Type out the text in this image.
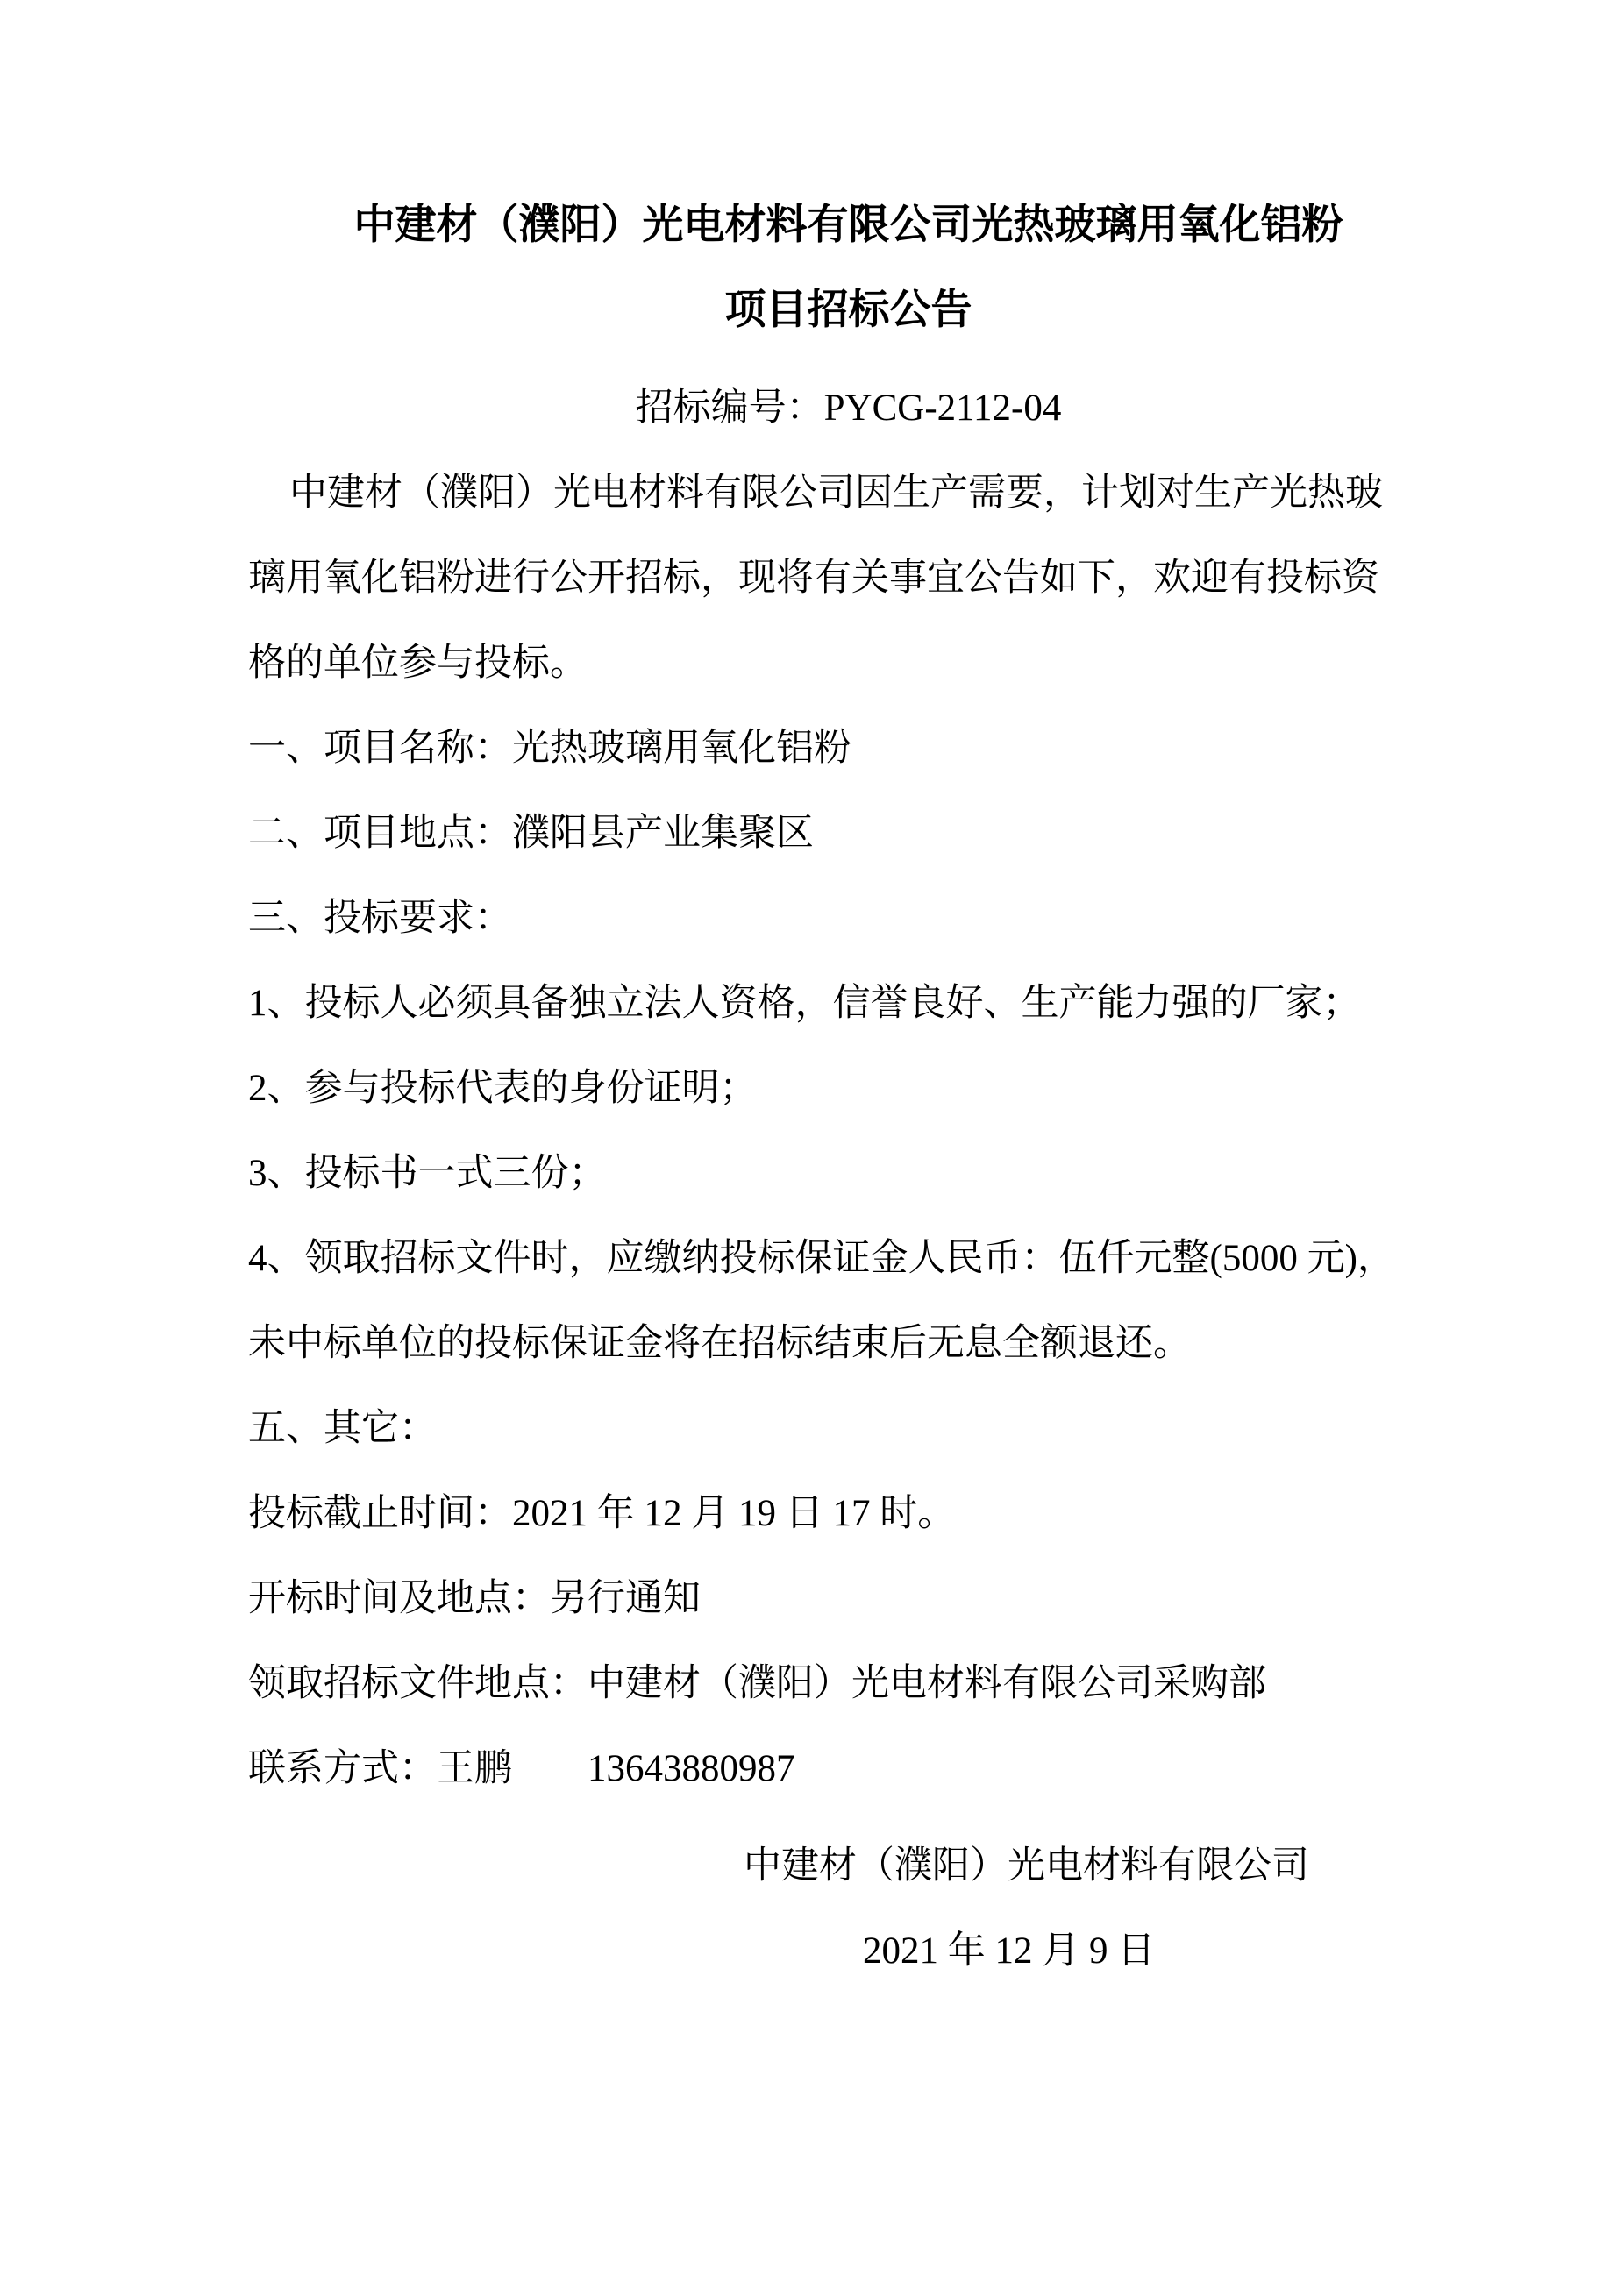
中建材（濮阳）光电材料有限公司光热玻璃用氧化铝粉
项目招标公告
招标编号：PYCG-2112-04
中建材（濮阳）光电材料有限公司因生产需要，计划对生产光热玻
璃用氧化铝粉进行公开招标，现将有关事宜公告如下，欢迎有投标资
格的单位参与投标。
一、项目名称：光热玻璃用氧化铝粉
二、项目地点：濮阳县产业集聚区
三、投标要求：
1、投标人必须具备独立法人资格，信誉良好、生产能力强的厂家；
2、参与投标代表的身份证明；
3、投标书一式三份；
4、领取招标文件时，应缴纳投标保证金人民币：伍仟元整(5000 元)，
未中标单位的投标保证金将在招标结束后无息全额退还。
五、其它：
投标截止时间：2021 年 12 月 19 日 17 时。
开标时间及地点：另行通知
领取招标文件地点：中建材（濮阳）光电材料有限公司采购部
联系方式：王鹏　　13643880987
中建材（濮阳）光电材料有限公司
2021 年 12 月 9 日
